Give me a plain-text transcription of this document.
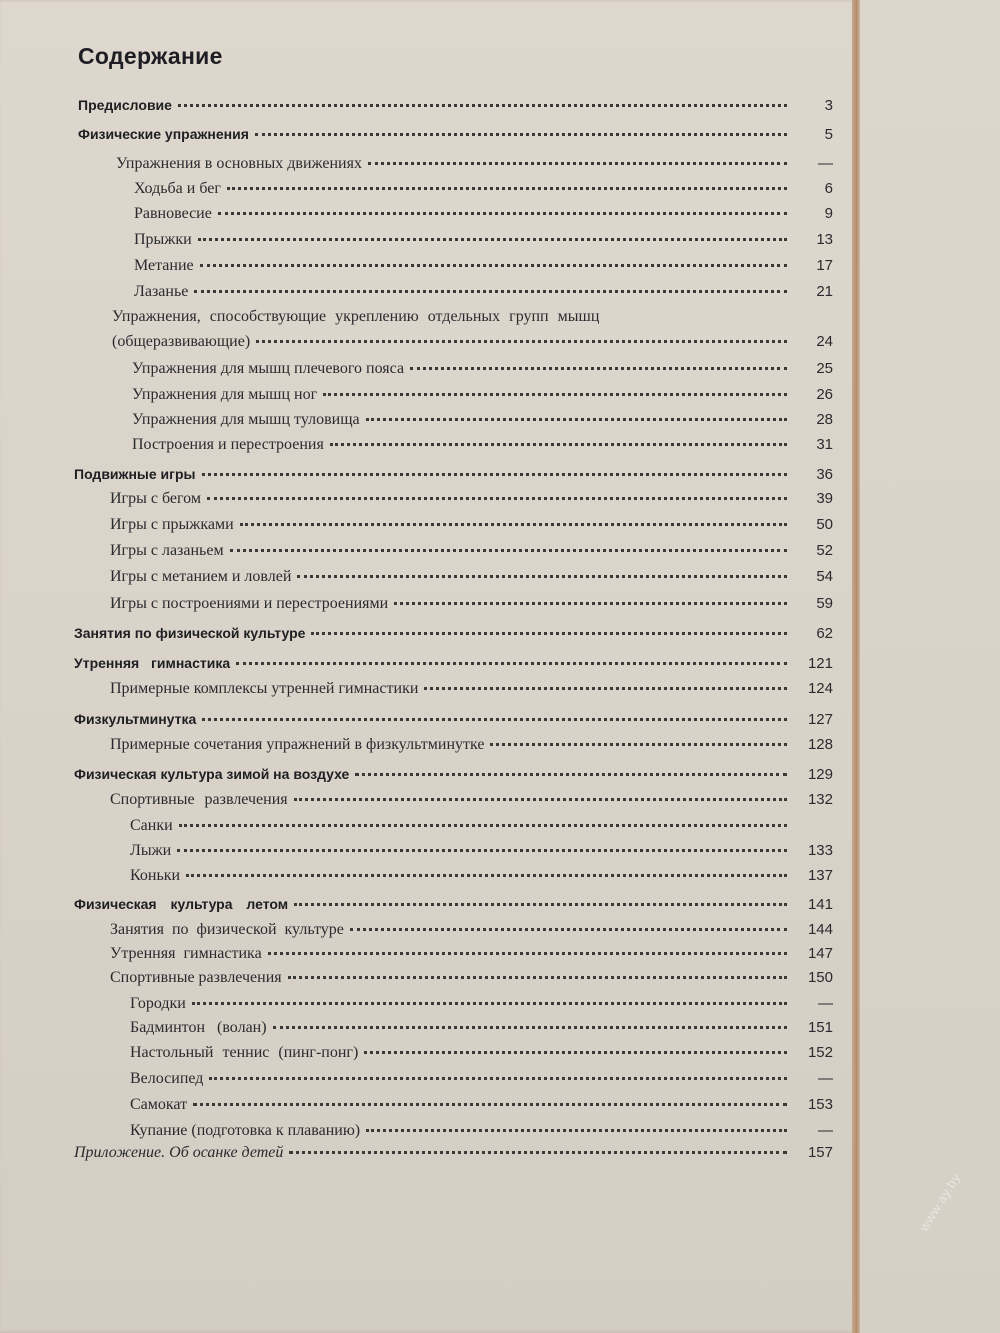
Содержание
Предисловие	3
Физические упражнения	5
Упражнения в основных движениях	—
Ходьба и бег	6
Равновесие	9
Прыжки	13
Метание	17
Лазанье	21
Упражнения, способствующие укреплению отдельных групп мышц
(общеразвивающие)	24
Упражнения для мышц плечевого пояса	25
Упражнения для мышц ног	26
Упражнения для мышц туловища	28
Построения и перестроения	31
Подвижные игры	36
Игры с бегом	39
Игры с прыжками	50
Игры с лазаньем	52
Игры с метанием и ловлей	54
Игры с построениями и перестроениями	59
Занятия по физической культуре	62
Утренняя гимнастика	121
Примерные комплексы утренней гимнастики	124
Физкультминутка	127
Примерные сочетания упражнений в физкультминутке	128
Физическая культура зимой на воздухе	129
Спортивные развлечения	132
Санки
Лыжи	133
Коньки	137
Физическая культура летом	141
Занятия по физической культуре	144
Утренняя гимнастика	147
Спортивные развлечения	150
Городки	—
Бадминтон (волан)	151
Настольный теннис (пинг-понг)	152
Велосипед	—
Самокат	153
Купание (подготовка к плаванию)	—
Приложение. Об осанке детей	157
www.ay.by
